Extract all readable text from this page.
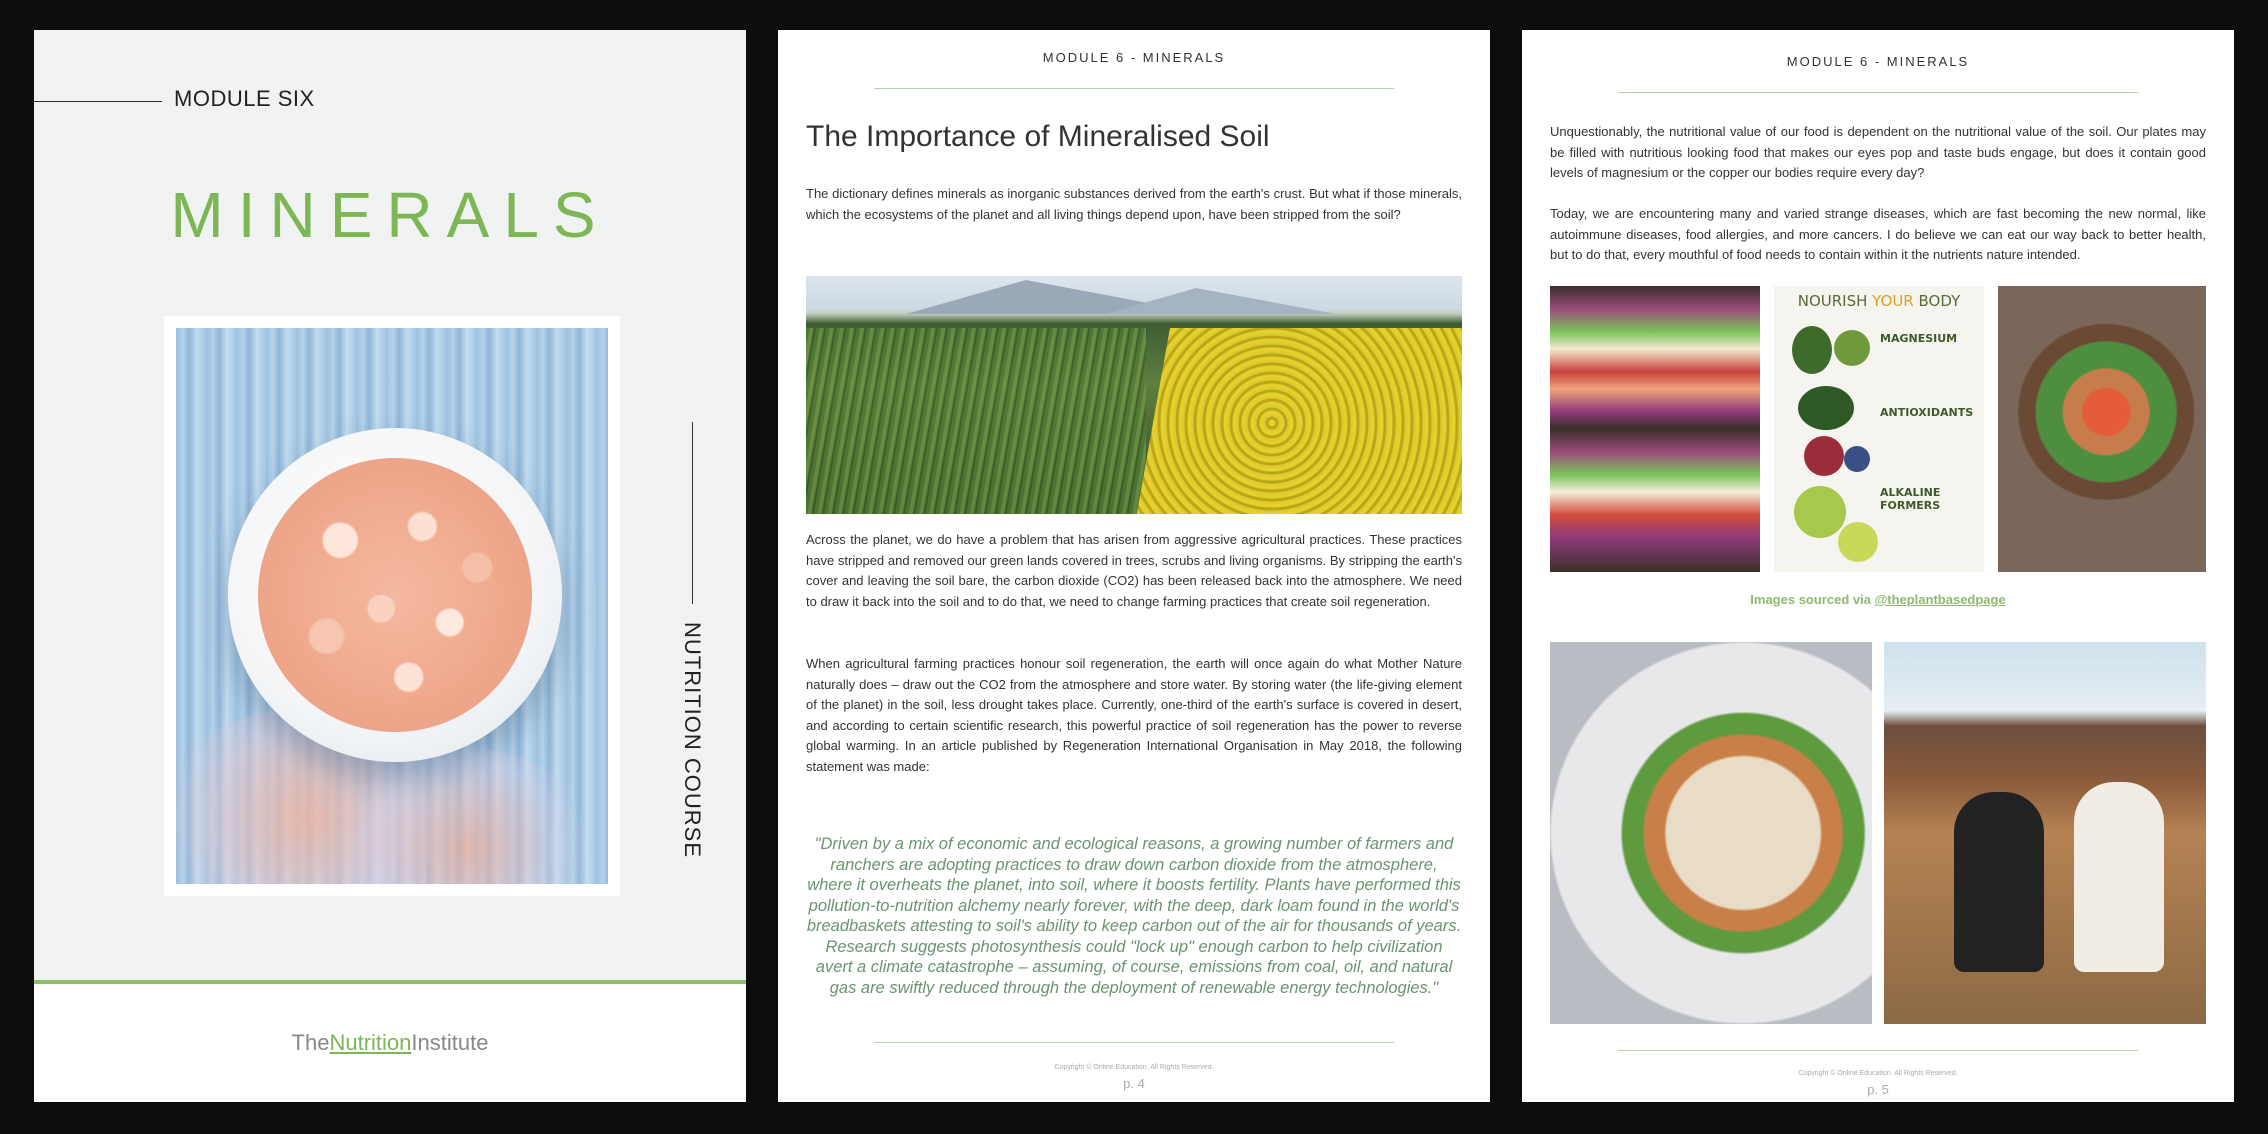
MODULE SIX
MINERALS
NUTRITION COURSE
TheNutritionInstitute
MODULE 6 - MINERALS
The Importance of Mineralised Soil

The dictionary defines minerals as inorganic substances derived from the earth's crust. But what if those minerals, which the ecosystems of the planet and all living things depend upon, have been stripped from the soil?

Across the planet, we do have a problem that has arisen from aggressive agricultural practices. These practices have stripped and removed our green lands covered in trees, scrubs and living organisms. By stripping the earth's cover and leaving the soil bare, the carbon dioxide (CO2) has been released back into the atmosphere. We need to draw it back into the soil and to do that, we need to change farming practices that create soil regeneration.

When agricultural farming practices honour soil regeneration, the earth will once again do what Mother Nature naturally does – draw out the CO2 from the atmosphere and store water. By storing water (the life-giving element of the planet) in the soil, less drought takes place. Currently, one-third of the earth's surface is covered in desert, and according to certain scientific research, this powerful practice of soil regeneration has the power to reverse global warming. In an article published by Regeneration International Organisation in May 2018, the following statement was made:

"Driven by a mix of economic and ecological reasons, a growing number of farmers and ranchers are adopting practices to draw down carbon dioxide from the atmosphere, where it overheats the planet, into soil, where it boosts fertility. Plants have performed this pollution-to-nutrition alchemy nearly forever, with the deep, dark loam found in the world's breadbaskets attesting to soil's ability to keep carbon out of the air for thousands of years. Research suggests photosynthesis could "lock up" enough carbon to help civilization avert a climate catastrophe – assuming, of course, emissions from coal, oil, and natural gas are swiftly reduced through the deployment of renewable energy technologies."

Copyright © Online Education. All Rights Reserved.
p. 4
MODULE 6 - MINERALS

Unquestionably, the nutritional value of our food is dependent on the nutritional value of the soil. Our plates may be filled with nutritious looking food that makes our eyes pop and taste buds engage, but does it contain good levels of magnesium or the copper our bodies require every day?

Today, we are encountering many and varied strange diseases, which are fast becoming the new normal, like autoimmune diseases, food allergies, and more cancers. I do believe we can eat our way back to better health, but to do that, every mouthful of food needs to contain within it the nutrients nature intended.

NOURISH YOUR BODY
MAGNESIUM
ANTIOXIDANTS
ALKALINE FORMERS
Images sourced via @theplantbasedpage
Copyright © Online Education. All Rights Reserved.
p. 5
